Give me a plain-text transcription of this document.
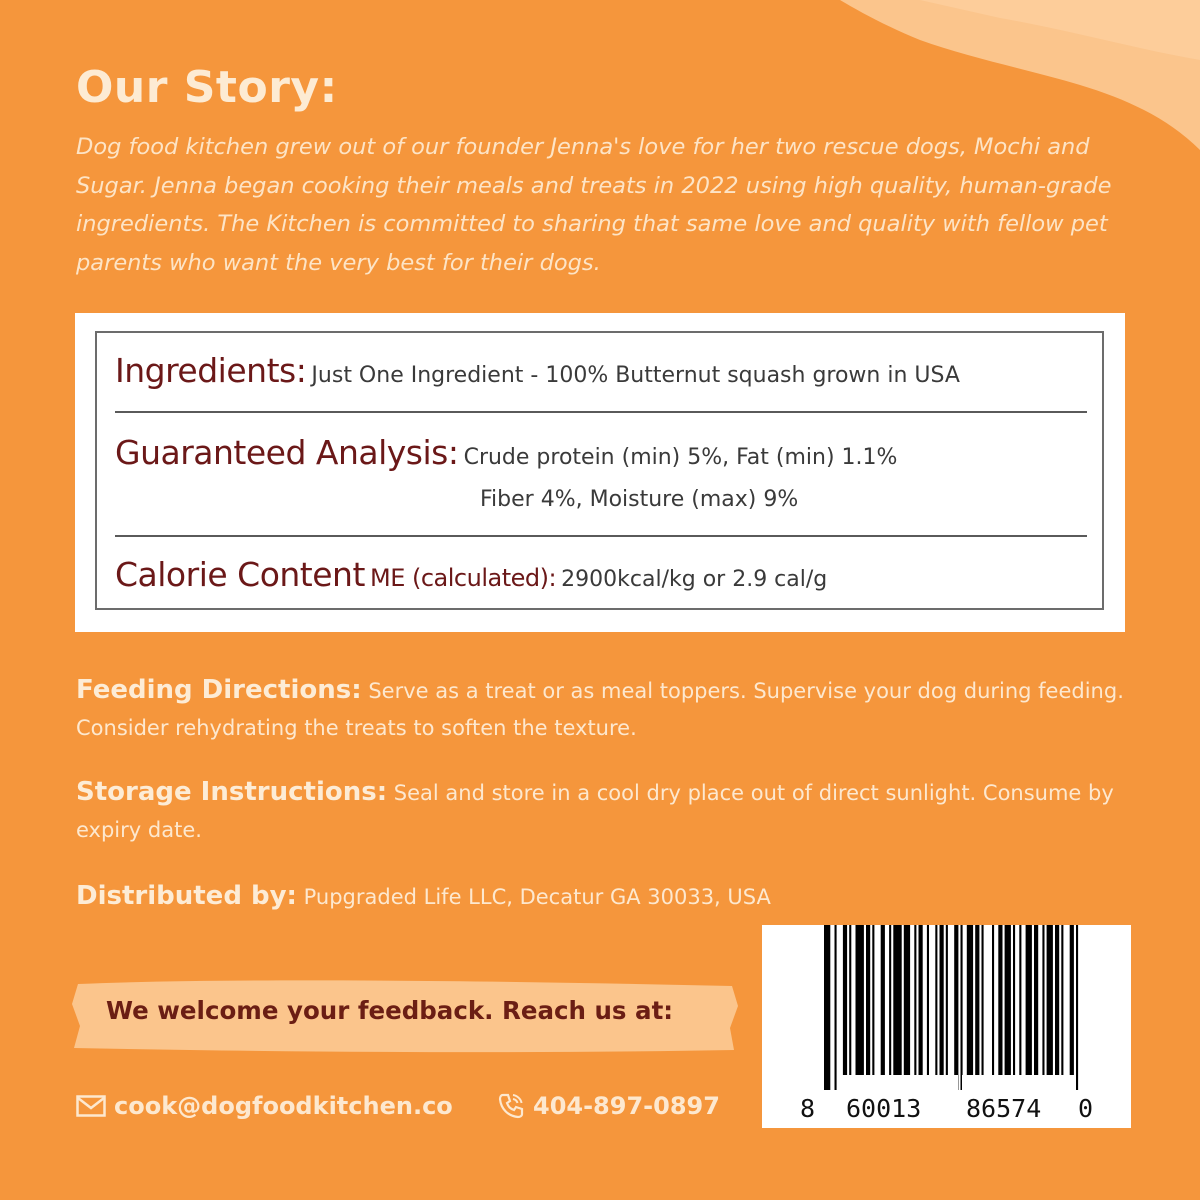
Our Story:

Dog food kitchen grew out of our founder Jenna's love for her two rescue dogs, Mochi and Sugar. Jenna began cooking their meals and treats in 2022 using high quality, human-grade ingredients. The Kitchen is committed to sharing that same love and quality with fellow pet parents who want the very best for their dogs.

Ingredients: Just One Ingredient - 100% Butternut squash grown in USA
Guaranteed Analysis: Crude protein (min) 5%, Fat (min) 1.1%
Fiber 4%, Moisture (max) 9%
Calorie Content ME (calculated): 2900kcal/kg or 2.9 cal/g

Feeding Directions: Serve as a treat or as meal toppers. Supervise your dog during feeding. Consider rehydrating the treats to soften the texture.

Storage Instructions: Seal and store in a cool dry place out of direct sunlight. Consume by expiry date.

Distributed by: Pupgraded Life LLC, Decatur GA 30033, USA

We welcome your feedback. Reach us at:

cook@dogfoodkitchen.co	404-897-0897	8 60013 86574 0
